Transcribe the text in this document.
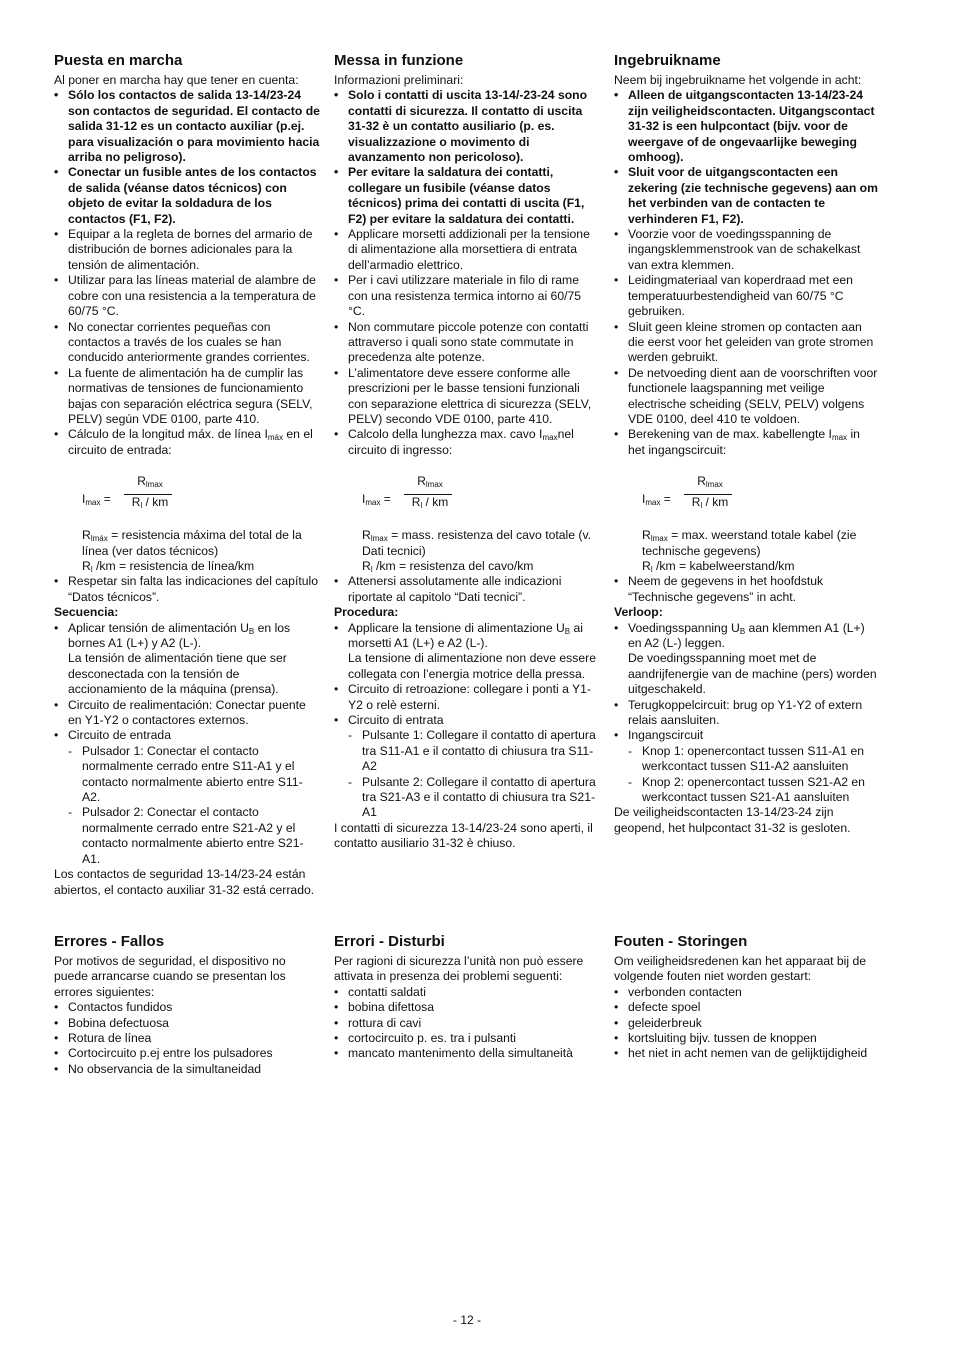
Puesta en marcha

Al poner en marcha hay que tener en cuenta:

• Sólo los contactos de salida 13-14/23-24 son contactos de seguridad. El contacto de salida 31-12 es un contacto auxiliar (p.ej. para visualización o para movimiento hacia arriba no peligroso).
• Conectar un fusible antes de los contactos de salida (véanse datos técnicos) con objeto de evitar la soldadura de los contactos (F1, F2).
• Equipar a la regleta de bornes del armario de distribución de bornes adicionales para la tensión de alimentación.
• Utilizar para las líneas material de alambre de cobre con una resistencia a la temperatura de 60/75 °C.
• No conectar corrientes pequeñas con contactos a través de los cuales se han conducido anteriormente grandes corrientes.
• La fuente de alimentación ha de cumplir las normativas de tensiones de funcionamiento bajas con separación eléctrica segura (SELV, PELV) según VDE 0100, parte 410.
• Cálculo de la longitud máx. de línea $I_{máx}$ en el circuito de entrada:
$I_{max}$ =
$R_{lmax}$
$R_l$ / km

$R_{lmáx}$ = resistencia máxima del total de la línea (ver datos técnicos)

$R_l$ /km = resistencia de línea/km

• Respetar sin falta las indicaciones del capítulo “Datos técnicos”.

Secuencia:

• Aplicar tensión de alimentación $U_B$ en los bornes A1 (L+) y A2 (L-).
La tensión de alimentación tiene que ser desconectada con la tensión de accionamiento de la máquina (prensa).
• Circuito de realimentación: Conectar puente en Y1-Y2 o contactores externos.
• Circuito de entrada
- Pulsador 1: Conectar el contacto normalmente cerrado entre S11-A1 y el contacto normalmente abierto entre S11-A2.
- Pulsador 2: Conectar el contacto normalmente cerrado entre S21-A2 y el contacto normalmente abierto entre S21-A1.

Los contactos de seguridad 13-14/23-24 están abiertos, el contacto auxiliar 31-32 está cerrado.

Errores - Fallos

Por motivos de seguridad, el dispositivo no puede arrancarse cuando se presentan los errores siguientes:

• Contactos fundidos
• Bobina defectuosa
• Rotura de línea
• Cortocircuito p.ej entre los pulsadores
• No observancia de la simultaneidad
Messa in funzione

Informazioni preliminari:

• Solo i contatti di uscita 13-14/-23-24 sono contatti di sicurezza. Il contatto di uscita 31-32 è un contatto ausiliario (p. es. visualizzazione o movimento di avanzamento non pericoloso).
• Per evitare la saldatura dei contatti, collegare un fusibile (véanse datos técnicos) prima dei contatti di uscita (F1, F2) per evitare la saldatura dei contatti.
• Applicare morsetti addizionali per la tensione di alimentazione alla morsettiera di entrata dell’armadio elettrico.
• Per i cavi utilizzare materiale in filo di rame con una resistenza termica intorno ai 60/75 °C.
• Non commutare piccole potenze con contatti attraverso i quali sono state commutate in precedenza alte potenze.
• L’alimentatore deve essere conforme alle prescrizioni per le basse tensioni funzionali con separazione elettrica di sicurezza (SELV, PELV) secondo VDE 0100, parte 410.
• Calcolo della lunghezza max. cavo $I_{max}nel$ circuito di ingresso:
$I_{max}$ =
$R_{lmax}$
$R_l$ / km

$R_{lmax}$ = mass. resistenza del cavo totale (v. Dati tecnici)

$R_l$ /km = resistenza del cavo/km

• Attenersi assolutamente alle indicazioni riportate al capitolo “Dati tecnici”.

Procedura:

• Applicare la tensione di alimentazione $U_B$ ai morsetti A1 (L+) e A2 (L-).
La tensione di alimentazione non deve essere collegata con l’energia motrice della pressa.
• Circuito di retroazione: collegare i ponti a Y1-Y2 o relè esterni.
• Circuito di entrata
- Pulsante 1: Collegare il contatto di apertura tra S11-A1 e il contatto di chiusura tra S11-A2
- Pulsante 2: Collegare il contatto di apertura tra S21-A3 e il contatto di chiusura tra S21-A1

I contatti di sicurezza 13-14/23-24 sono aperti, il contatto ausiliario 31-32 è chiuso.

Errori - Disturbi

Per ragioni di sicurezza l’unità non può essere attivata in presenza dei problemi seguenti:

• contatti saldati
• bobina difettosa
• rottura di cavi
• cortocircuito p. es. tra i pulsanti
• mancato mantenimento della simultaneità
Ingebruikname

Neem bij ingebruikname het volgende in acht:

• Alleen de uitgangscontacten 13-14/23-24 zijn veiligheidscontacten. Uitgangscontact 31-32 is een hulpcontact (bijv. voor de weergave of de ongevaarlijke beweging omhoog).
• Sluit voor de uitgangscontacten een zekering (zie technische gegevens) aan om het verbinden van de contacten te verhinderen F1, F2).
• Voorzie voor de voedingsspanning de ingangsklemmenstrook van de schakelkast van extra klemmen.
• Leidingmateriaal van koperdraad met een temperatuurbestendigheid van 60/75 °C gebruiken.
• Sluit geen kleine stromen op contacten aan die eerst voor het geleiden van grote stromen werden gebruikt.
• De netvoeding dient aan de voorschriften voor functionele laagspanning met veilige electrische scheiding (SELV, PELV) volgens VDE 0100, deel 410 te voldoen.
• Berekening van de max. kabellengte $I_{max}$ in het ingangscircuit:
$I_{max}$ =
$R_{lmax}$
$R_l$ / km

$R_{lmax} = \max$. weerstand totale kabel (zie technische gegevens)

$R_l$ /km = kabelweerstand/km

• Neem de gegevens in het hoofdstuk “Technische gegevens” in acht.

Verloop:

• Voedingsspanning $U_B$ aan klemmen A1 (L+) en A2 (L-) leggen.
De voedingsspanning moet met de aandrijfenergie van de machine (pers) worden uitgeschakeld.
• Terugkoppelcircuit: brug op Y1-Y2 of extern relais aansluiten.
• Ingangscircuit
- Knop 1: openercontact tussen S11-A1 en werkcontact tussen S11-A2 aansluiten
- Knop 2: openercontact tussen S21-A2 en werkcontact tussen S21-A1 aansluiten

De veiligheidscontacten 13-14/23-24 zijn geopend, het hulpcontact 31-32 is gesloten.

Fouten - Storingen

Om veiligheidsredenen kan het apparaat bij de volgende fouten niet worden gestart:

• verbonden contacten
• defecte spoel
• geleiderbreuk
• kortsluiting bijv. tussen de knoppen
• het niet in acht nemen van de gelijktijdigheid
- 12 -
